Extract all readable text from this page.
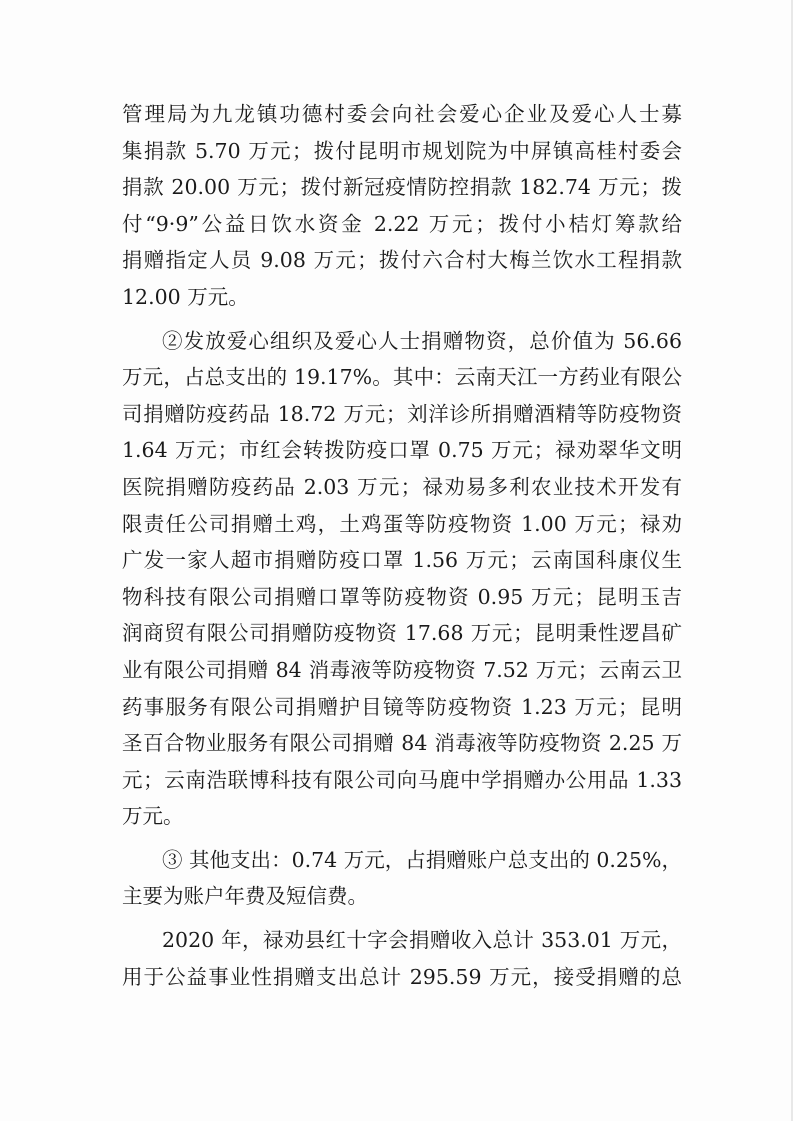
管理局为九龙镇功德村委会向社会爱心企业及爱心人士募
集捐款 5.70 万元；拨付昆明市规划院为中屏镇高桂村委会
捐款 20.00 万元；拨付新冠疫情防控捐款 182.74 万元；拨
付“9·9”公益日饮水资金 2.22 万元；拨付小桔灯筹款给
捐赠指定人员 9.08 万元；拨付六合村大梅兰饮水工程捐款
12.00 万元。
②发放爱心组织及爱心人士捐赠物资，总价值为 56.66
万元，占总支出的 19.17%。其中：云南天江一方药业有限公
司捐赠防疫药品 18.72 万元；刘洋诊所捐赠酒精等防疫物资
1.64 万元；市红会转拨防疫口罩 0.75 万元；禄劝翠华文明
医院捐赠防疫药品 2.03 万元；禄劝易多利农业技术开发有
限责任公司捐赠土鸡，土鸡蛋等防疫物资 1.00 万元；禄劝
广发一家人超市捐赠防疫口罩 1.56 万元；云南国科康仪生
物科技有限公司捐赠口罩等防疫物资 0.95 万元；昆明玉吉
润商贸有限公司捐赠防疫物资 17.68 万元；昆明秉性逻昌矿
业有限公司捐赠 84 消毒液等防疫物资 7.52 万元；云南云卫
药事服务有限公司捐赠护目镜等防疫物资 1.23 万元；昆明
圣百合物业服务有限公司捐赠 84 消毒液等防疫物资 2.25 万
元；云南浩联博科技有限公司向马鹿中学捐赠办公用品 1.33
万元。
③ 其他支出：0.74 万元，占捐赠账户总支出的 0.25%，
主要为账户年费及短信费。
2020 年，禄劝县红十字会捐赠收入总计 353.01 万元，
用于公益事业性捐赠支出总计 295.59 万元，接受捐赠的总
